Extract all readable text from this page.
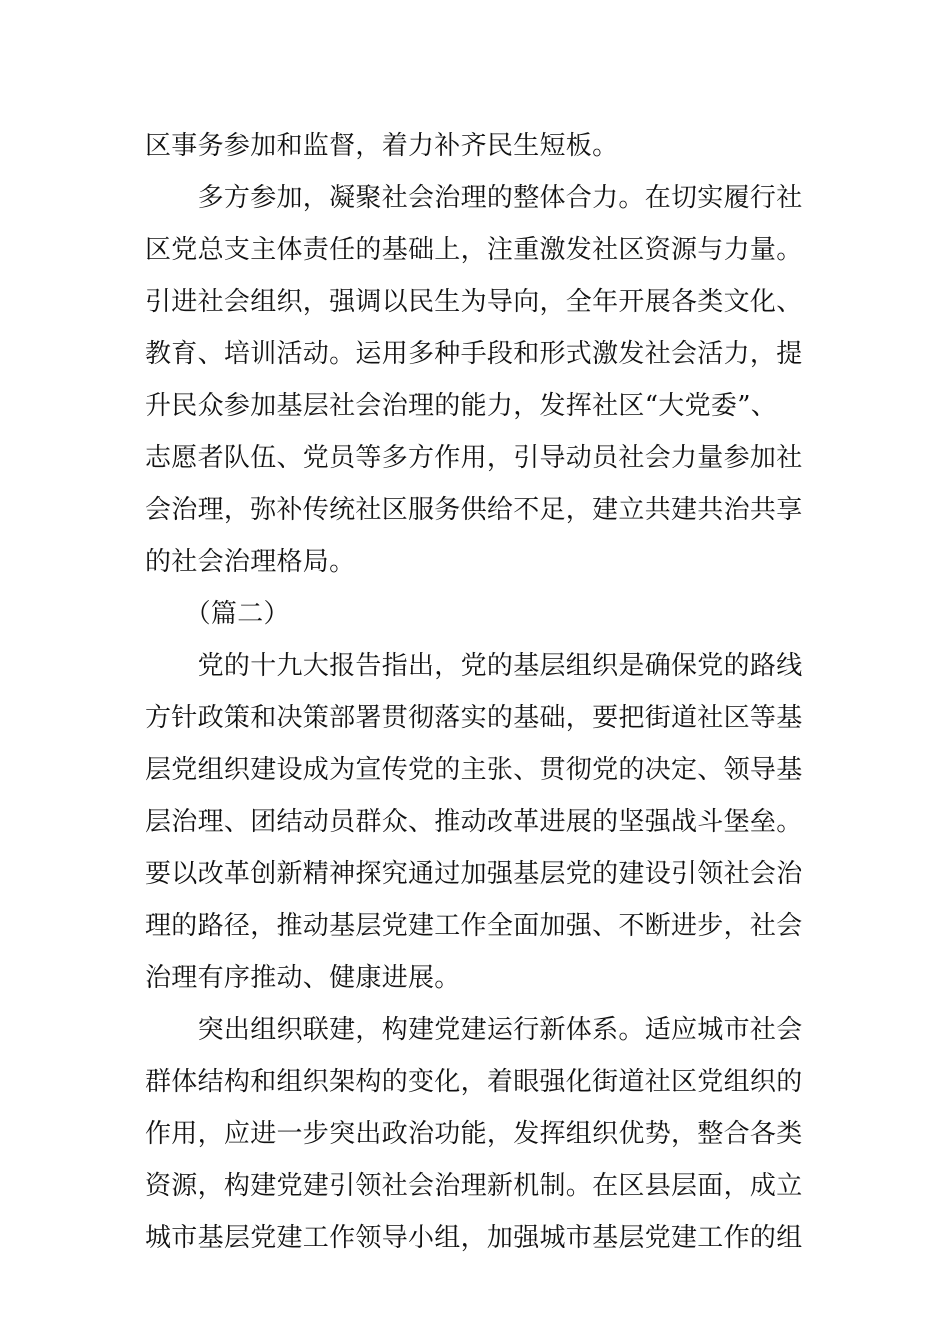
区事务参加和监督，着力补齐民生短板。
　　多方参加，凝聚社会治理的整体合力。在切实履行社
区党总支主体责任的基础上，注重激发社区资源与力量。
引进社会组织，强调以民生为导向，全年开展各类文化、
教育、培训活动。运用多种手段和形式激发社会活力，提
升民众参加基层社会治理的能力，发挥社区“大党委”、
志愿者队伍、党员等多方作用，引导动员社会力量参加社
会治理，弥补传统社区服务供给不足，建立共建共治共享
的社会治理格局。
　　（篇二）
　　党的十九大报告指出，党的基层组织是确保党的路线
方针政策和决策部署贯彻落实的基础，要把街道社区等基
层党组织建设成为宣传党的主张、贯彻党的决定、领导基
层治理、团结动员群众、推动改革进展的坚强战斗堡垒。
要以改革创新精神探究通过加强基层党的建设引领社会治
理的路径，推动基层党建工作全面加强、不断进步，社会
治理有序推动、健康进展。
　　突出组织联建，构建党建运行新体系。适应城市社会
群体结构和组织架构的变化，着眼强化街道社区党组织的
作用，应进一步突出政治功能，发挥组织优势，整合各类
资源，构建党建引领社会治理新机制。在区县层面，成立
城市基层党建工作领导小组，加强城市基层党建工作的组
